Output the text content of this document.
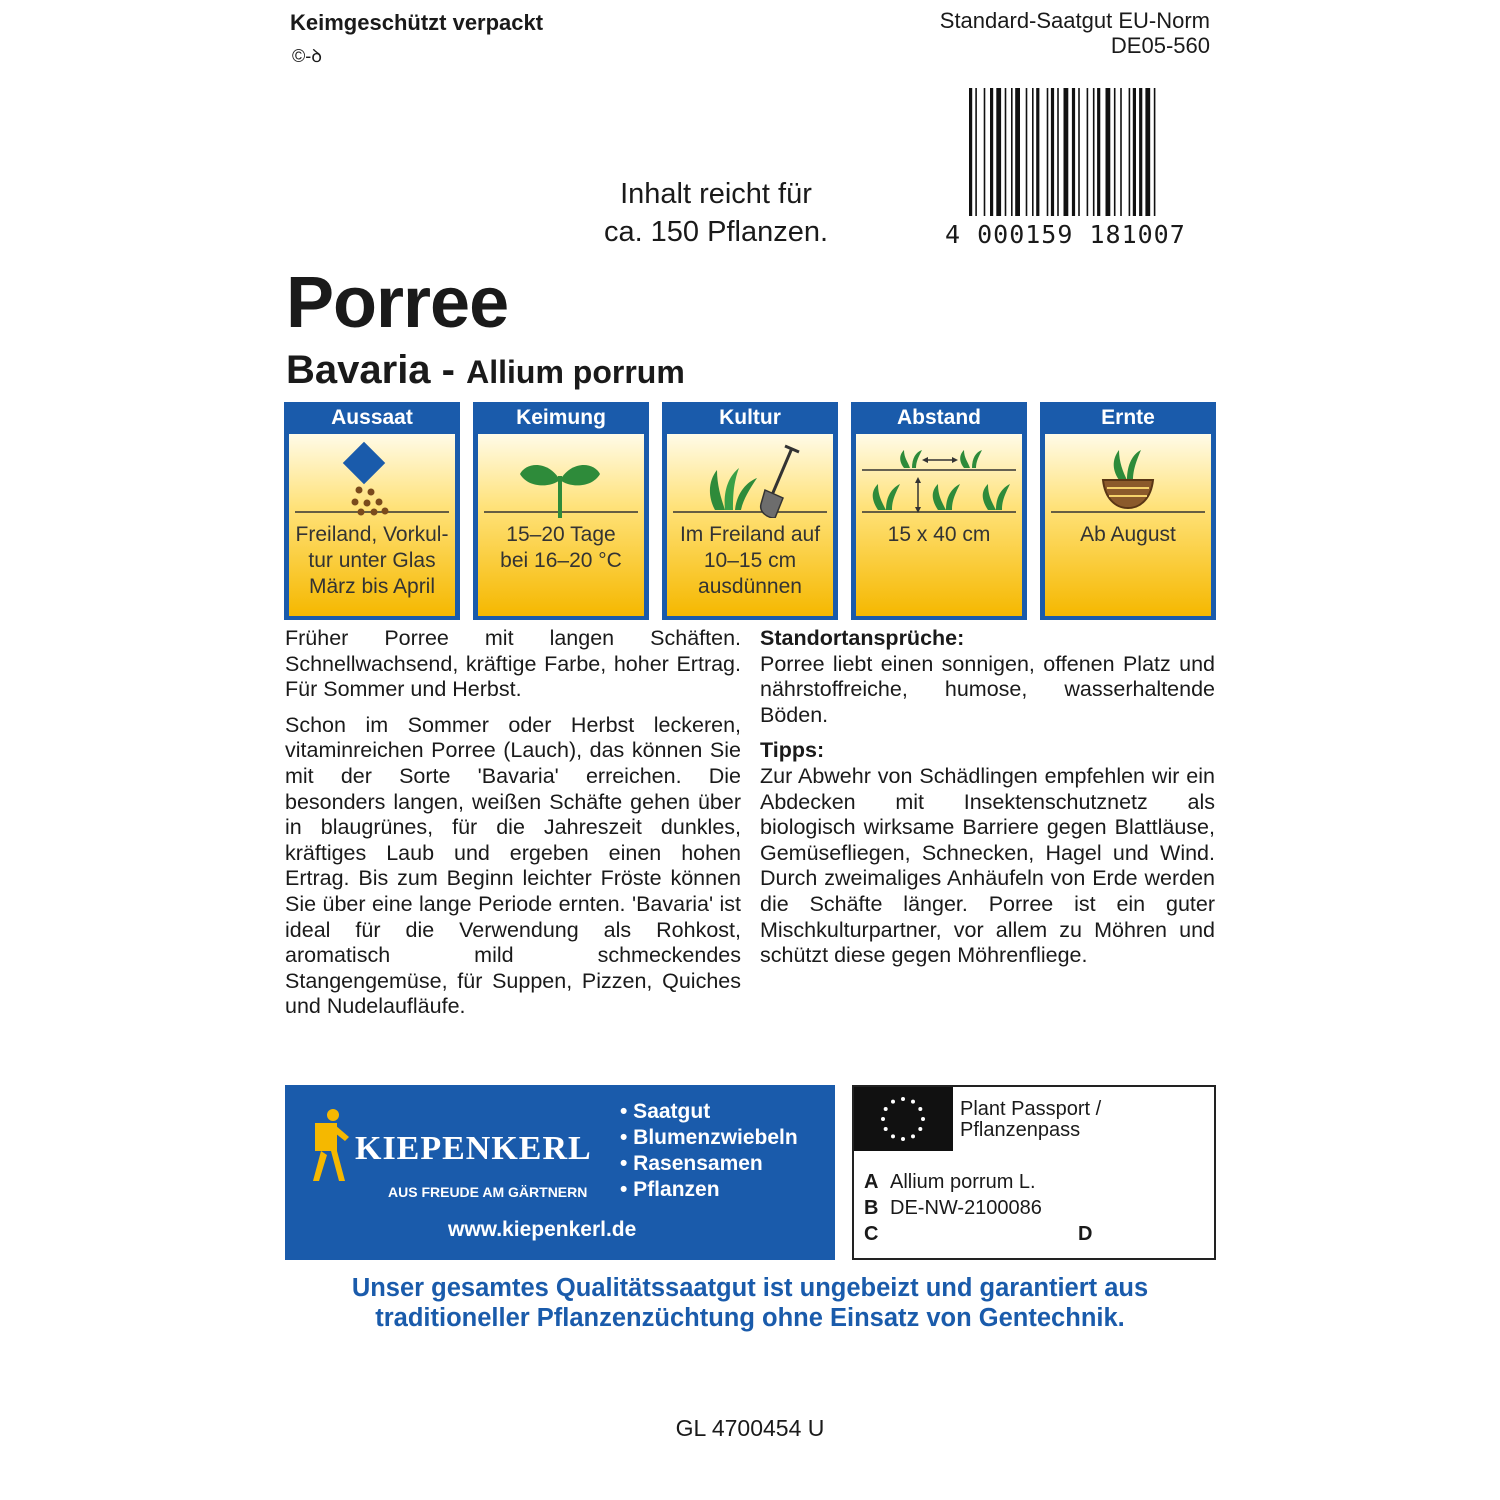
Keimgeschützt verpackt
©-ꝺ
Standard-Saatgut EU-Norm
DE05-560
4 000159 181007
Inhalt reicht für
ca. 150 Pflanzen.
Porree
Bavaria - Allium porrum
Aussaat
Freiland, Vorkul-
tur unter Glas
März bis April
Keimung
15–20 Tage
bei 16–20 °C
Kultur
Im Freiland auf
10–15 cm
ausdünnen
Abstand
15 x 40 cm
Ernte
Ab August

Früher Porree mit langen Schäften. Schnellwachsend, kräftige Farbe, hoher Ertrag. Für Sommer und Herbst.

Schon im Sommer oder Herbst leckeren, vitaminreichen Porree (Lauch), das können Sie mit der Sorte 'Bavaria' erreichen. Die besonders langen, weißen Schäfte gehen über in blaugrünes, für die Jahreszeit dunkles, kräftiges Laub und ergeben einen hohen Ertrag. Bis zum Beginn leichter Fröste können Sie über eine lange Periode ernten. 'Bavaria' ist ideal für die Verwendung als Rohkost, aromatisch mild schmeckendes Stangengemüse, für Suppen, Pizzen, Quiches und Nudelaufläufe.

Standortansprüche:

Porree liebt einen sonnigen, offenen Platz und nährstoffreiche, humose, wasserhaltende Böden.

Tipps:

Zur Abwehr von Schädlingen empfehlen wir ein Abdecken mit Insektenschutznetz als biologisch wirksame Barriere gegen Blattläuse, Gemüsefliegen, Schnecken, Hagel und Wind. Durch zweimaliges Anhäufeln von Erde werden die Schäfte länger. Porree ist ein guter Mischkulturpartner, vor allem zu Möhren und schützt diese gegen Möhrenfliege.

KIEPENKERL
AUS FREUDE AM GÄRTNERN
• Saatgut
• Blumenzwiebeln
• Rasensamen
• Pflanzen
www.kiepenkerl.de
Plant Passport /
Pflanzenpass
A Allium porrum L.
B DE-NW-2100086
C	D
Unser gesamtes Qualitätssaatgut ist ungebeizt und garantiert aus
traditioneller Pflanzenzüchtung ohne Einsatz von Gentechnik.
GL 4700454 U
